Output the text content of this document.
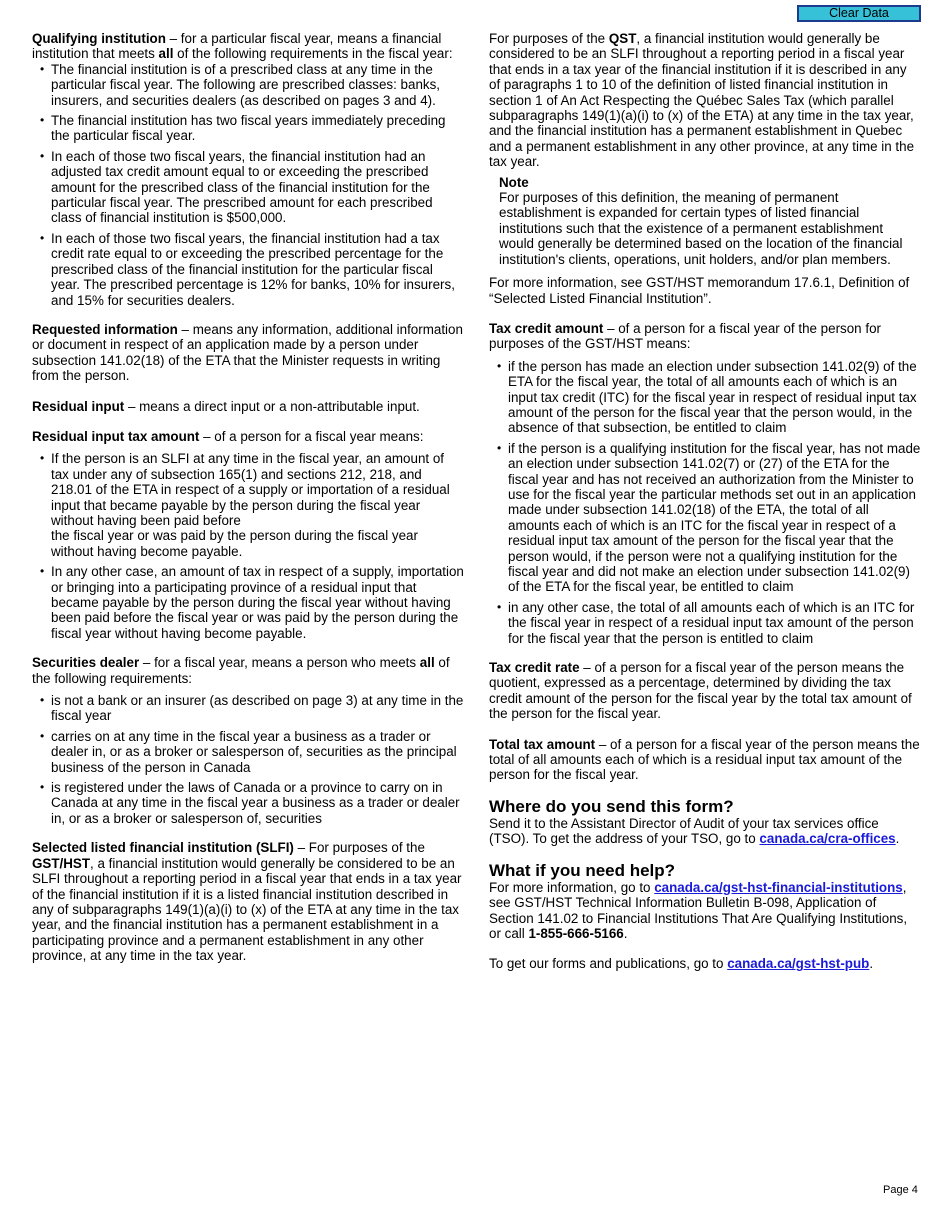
Clear Data

Qualifying institution – for a particular fiscal year, means a financial institution that meets all of the following requirements in the fiscal year:

• The financial institution is of a prescribed class at any time in the particular fiscal year. The following are prescribed classes: banks, insurers, and securities dealers (as described on pages 3 and 4).
• The financial institution has two fiscal years immediately preceding the particular fiscal year.
• In each of those two fiscal years, the financial institution had an adjusted tax credit amount equal to or exceeding the prescribed amount for the prescribed class of the financial institution for the particular fiscal year. The prescribed amount for each prescribed class of financial institution is $500,000.
• In each of those two fiscal years, the financial institution had a tax credit rate equal to or exceeding the prescribed percentage for the prescribed class of the financial institution for the particular fiscal year. The prescribed percentage is 12% for banks, 10% for insurers, and 15% for securities dealers.

Requested information – means any information, additional information or document in respect of an application made by a person under subsection 141.02(18) of the ETA that the Minister requests in writing from the person.

Residual input – means a direct input or a non-attributable input.

Residual input tax amount – of a person for a fiscal year means:

• If the person is an SLFI at any time in the fiscal year, an amount of tax under any of subsection 165(1) and sections 212, 218, and 218.01 of the ETA in respect of a supply or importation of a residual input that became payable by the person during the fiscal year without having been paid before
the fiscal year or was paid by the person during the fiscal year without having become payable.
• In any other case, an amount of tax in respect of a supply, importation or bringing into a participating province of a residual input that became payable by the person during the fiscal year without having been paid before the fiscal year or was paid by the person during the fiscal year without having become payable.

Securities dealer – for a fiscal year, means a person who meets all of the following requirements:

• is not a bank or an insurer (as described on page 3) at any time in the fiscal year
• carries on at any time in the fiscal year a business as a trader or dealer in, or as a broker or salesperson of, securities as the principal business of the person in Canada
• is registered under the laws of Canada or a province to carry on in Canada at any time in the fiscal year a business as a trader or dealer in, or as a broker or salesperson of, securities

Selected listed financial institution (SLFI) – For purposes of the GST/HST, a financial institution would generally be considered to be an SLFI throughout a reporting period in a fiscal year that ends in a tax year of the financial institution if it is a listed financial institution described in any of subparagraphs 149(1)(a)(i) to (x) of the ETA at any time in the tax year, and the financial institution has a permanent establishment in a participating province and a permanent establishment in any other province, at any time in the tax year.

For purposes of the QST, a financial institution would generally be considered to be an SLFI throughout a reporting period in a fiscal year that ends in a tax year of the financial institution if it is described in any of paragraphs 1 to 10 of the definition of listed financial institution in section 1 of An Act Respecting the Québec Sales Tax (which parallel subparagraphs 149(1)(a)(i) to (x) of the ETA) at any time in the tax year, and the financial institution has a permanent establishment in Quebec and a permanent establishment in any other province, at any time in the tax year.

Note

For purposes of this definition, the meaning of permanent establishment is expanded for certain types of listed financial institutions such that the existence of a permanent establishment would generally be determined based on the location of the financial institution's clients, operations, unit holders, and/or plan members.

For more information, see GST/HST memorandum 17.6.1, Definition of “Selected Listed Financial Institution”.

Tax credit amount – of a person for a fiscal year of the person for purposes of the GST/HST means:

• if the person has made an election under subsection 141.02(9) of the ETA for the fiscal year, the total of all amounts each of which is an input tax credit (ITC) for the fiscal year in respect of residual input tax amount of the person for the fiscal year that the person would, in the absence of that subsection, be entitled to claim
• if the person is a qualifying institution for the fiscal year, has not made an election under subsection 141.02(7) or (27) of the ETA for the fiscal year and has not received an authorization from the Minister to use for the fiscal year the particular methods set out in an application made under subsection 141.02(18) of the ETA, the total of all amounts each of which is an ITC for the fiscal year in respect of a residual input tax amount of the person for the fiscal year that the person would, if the person were not a qualifying institution for the fiscal year and did not make an election under subsection 141.02(9) of the ETA for the fiscal year, be entitled to claim
• in any other case, the total of all amounts each of which is an ITC for the fiscal year in respect of a residual input tax amount of the person for the fiscal year that the person is entitled to claim

Tax credit rate – of a person for a fiscal year of the person means the quotient, expressed as a percentage, determined by dividing the tax credit amount of the person for the fiscal year by the total tax amount of the person for the fiscal year.

Total tax amount – of a person for a fiscal year of the person means the total of all amounts each of which is a residual input tax amount of the person for the fiscal year.

Where do you send this form?

Send it to the Assistant Director of Audit of your tax services office (TSO). To get the address of your TSO, go to canada.ca/cra-offices.

What if you need help?

For more information, go to canada.ca/gst-hst-financial-institutions, see GST/HST Technical Information Bulletin B-098, Application of Section 141.02 to Financial Institutions That Are Qualifying Institutions, or call 1-855-666-5166.

To get our forms and publications, go to canada.ca/gst-hst-pub.

Page 4
